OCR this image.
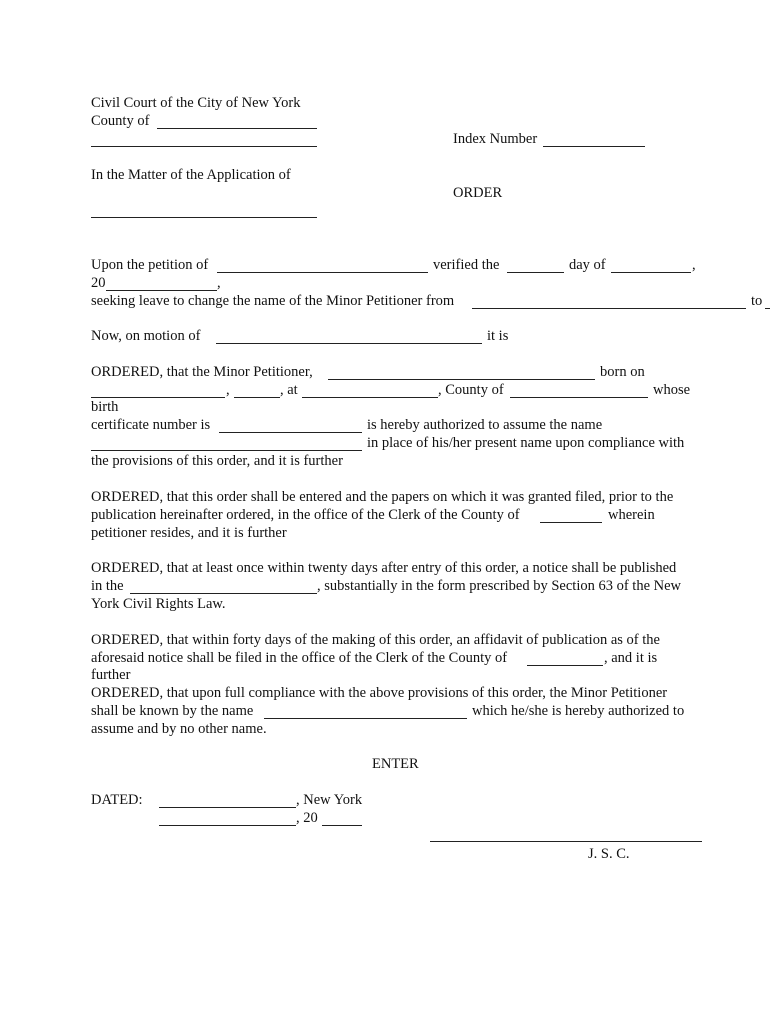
Civil Court of the City of New York
County of
Index Number
In the Matter of the Application of
ORDER
Upon the petition of	verified the	day of	,
20	,
seeking leave to change the name of the Minor Petitioner from	to
Now, on motion of	it is
ORDERED, that the Minor Petitioner,	born on
,	, at	, County of	whose
birth
certificate number is	is hereby authorized to assume the name
in place of his/her present name upon compliance with
the provisions of this order, and it is further
ORDERED, that this order shall be entered and the papers on which it was granted filed, prior to the
publication hereinafter ordered, in the office of the Clerk of the County of	wherein
petitioner resides, and it is further
ORDERED, that at least once within twenty days after entry of this order, a notice shall be published
in the	, substantially in the form prescribed by Section 63 of the New
York Civil Rights Law.
ORDERED, that within forty days of the making of this order, an affidavit of publication as of the
aforesaid notice shall be filed in the office of the Clerk of the County of	, and it is
further
ORDERED, that upon full compliance with the above provisions of this order, the Minor Petitioner
shall be known by the name	which he/she is hereby authorized to
assume and by no other name.
ENTER
DATED:	, New York
, 20
J. S. C.
